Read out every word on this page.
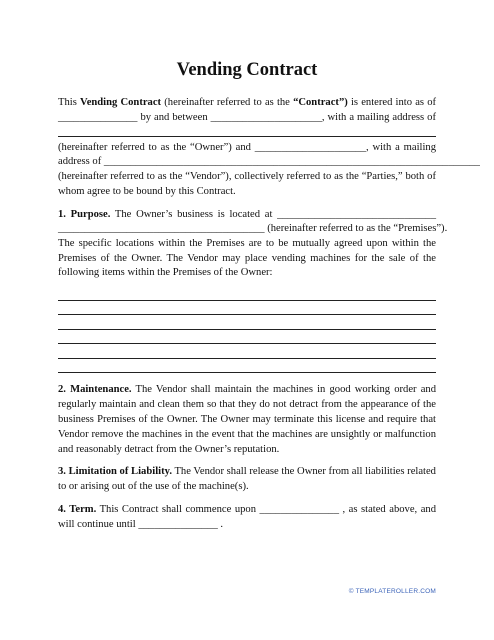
Vending Contract
This Vending Contract (hereinafter referred to as the “Contract”) is entered into as of
_______________ by and between _____________________, with a mailing address of
(hereinafter referred to as the “Owner”) and _____________________, with a mailing
address of _______________________________________________________________________
(hereinafter referred to as the “Vendor”), collectively referred to as the “Parties,” both of
whom agree to be bound by this Contract.
1. Purpose. The Owner’s business is located at ______________________________
_______________________________________ (hereinafter referred to as the “Premises”).
The specific locations within the Premises are to be mutually agreed upon within the
Premises of the Owner. The Vendor may place vending machines for the sale of the
following items within the Premises of the Owner:
2. Maintenance. The Vendor shall maintain the machines in good working order and
regularly maintain and clean them so that they do not detract from the appearance of the
business Premises of the Owner. The Owner may terminate this license and require that
Vendor remove the machines in the event that the machines are unsightly or malfunction
and reasonably detract from the Owner’s reputation.
3. Limitation of Liability. The Vendor shall release the Owner from all liabilities related
to or arising out of the use of the machine(s).
4. Term. This Contract shall commence upon _______________ , as stated above, and
will continue until _______________ .
© TEMPLATEROLLER.COM
